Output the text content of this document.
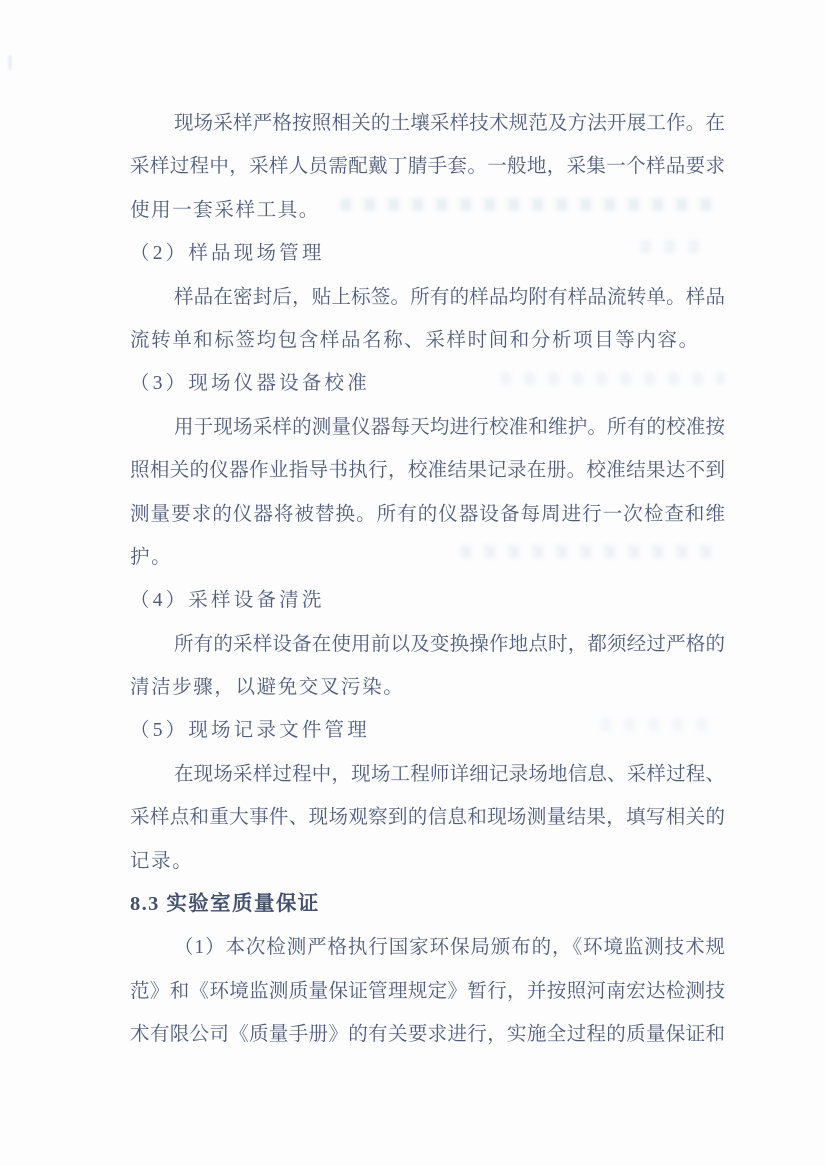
现场采样严格按照相关的土壤采样技术规范及方法开展工作。在
采样过程中，采样人员需配戴丁腈手套。一般地，采集一个样品要求
使用一套采样工具。
（2）样品现场管理
样品在密封后，贴上标签。所有的样品均附有样品流转单。样品
流转单和标签均包含样品名称、采样时间和分析项目等内容。
（3）现场仪器设备校准
用于现场采样的测量仪器每天均进行校准和维护。所有的校准按
照相关的仪器作业指导书执行，校准结果记录在册。校准结果达不到
测量要求的仪器将被替换。所有的仪器设备每周进行一次检查和维
护。
（4）采样设备清洗
所有的采样设备在使用前以及变换操作地点时，都须经过严格的
清洁步骤，以避免交叉污染。
（5）现场记录文件管理
在现场采样过程中，现场工程师详细记录场地信息、采样过程、
采样点和重大事件、现场观察到的信息和现场测量结果，填写相关的
记录。
8.3 实验室质量保证
（1）本次检测严格执行国家环保局颁布的，《环境监测技术规
范》和《环境监测质量保证管理规定》暂行，并按照河南宏达检测技
术有限公司《质量手册》的有关要求进行，实施全过程的质量保证和
